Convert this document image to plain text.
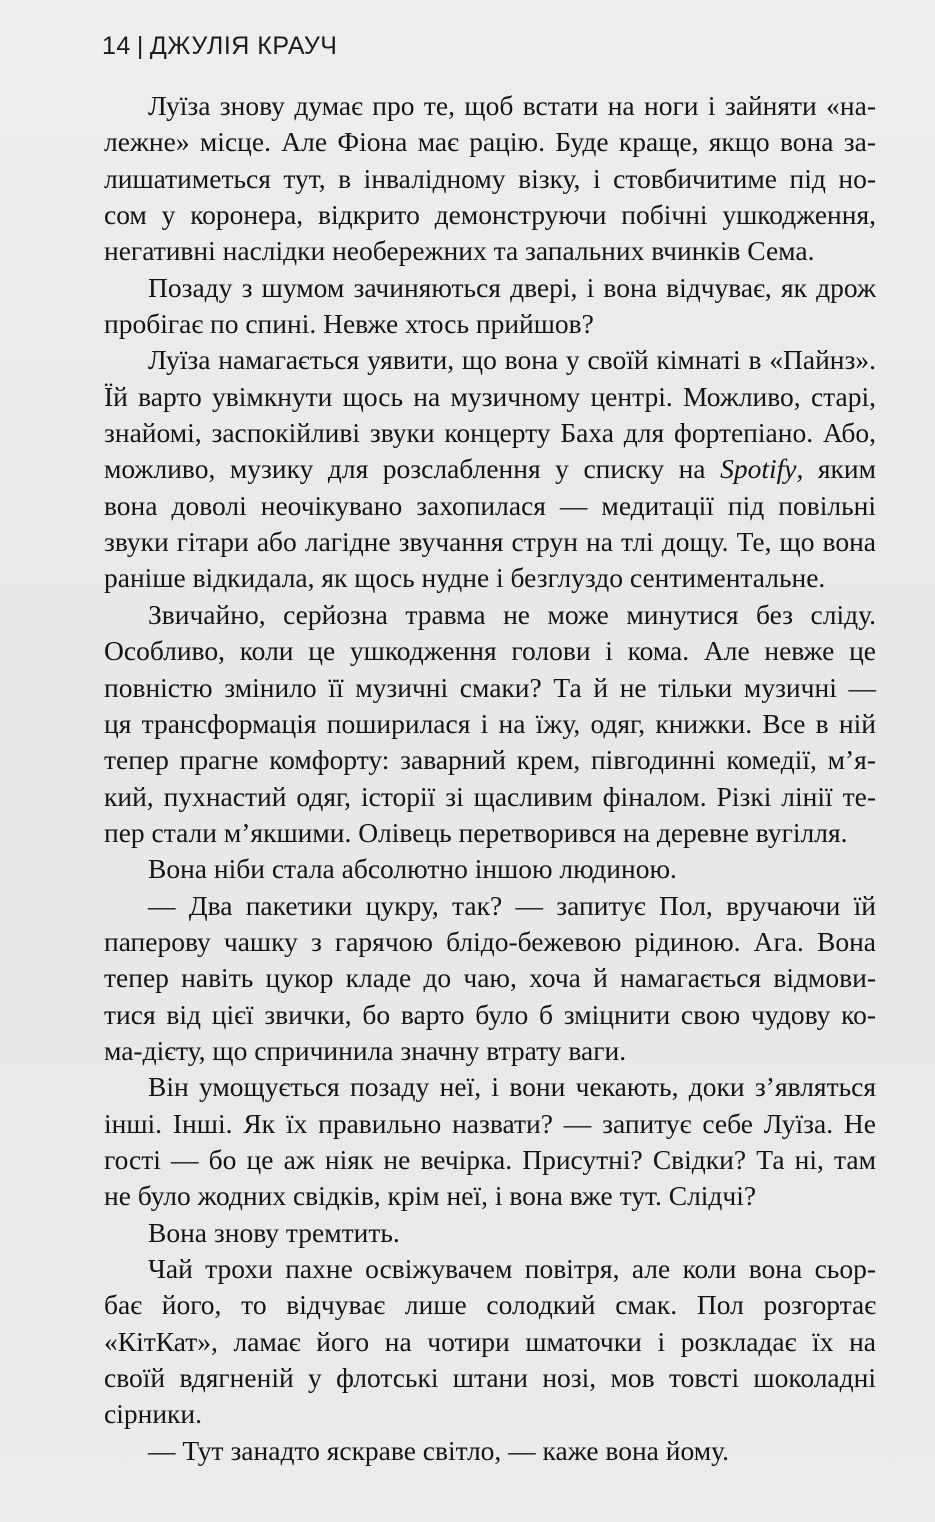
14 | ДЖУЛІЯ КРАУЧ
Луїза знову думає про те, щоб встати на ноги і зайняти «на-
лежне» місце. Але Фіона має рацію. Буде краще, якщо вона за-
лишатиметься тут, в інвалідному візку, і стовбичитиме під но-
сом у коронера, відкрито демонструючи побічні ушкодження,
негативні наслідки необережних та запальних вчинків Сема.
Позаду з шумом зачиняються двері, і вона відчуває, як дрож
пробігає по спині. Невже хтось прийшов?
Луїза намагається уявити, що вона у своїй кімнаті в «Пайнз».
Їй варто увімкнути щось на музичному центрі. Можливо, старі,
знайомі, заспокійливі звуки концерту Баха для фортепіано. Або,
можливо, музику для розслаблення у списку на Spotify, яким
вона доволі неочікувано захопилася — медитації під повільні
звуки гітари або лагідне звучання струн на тлі дощу. Те, що вона
раніше відкидала, як щось нудне і безглуздо сентиментальне.
Звичайно, серйозна травма не може минутися без сліду.
Особливо, коли це ушкодження голови і кома. Але невже це
повністю змінило її музичні смаки? Та й не тільки музичні —
ця трансформація поширилася і на їжу, одяг, книжки. Все в ній
тепер прагне комфорту: заварний крем, півгодинні комедії, м’я-
кий, пухнастий одяг, історії зі щасливим фіналом. Різкі лінії те-
пер стали м’якшими. Олівець перетворився на деревне вугілля.
Вона ніби стала абсолютно іншою людиною.
— Два пакетики цукру, так? — запитує Пол, вручаючи їй
паперову чашку з гарячою блідо-бежевою рідиною. Ага. Вона
тепер навіть цукор кладе до чаю, хоча й намагається відмови-
тися від цієї звички, бо варто було б зміцнити свою чудову ко-
ма-дієту, що спричинила значну втрату ваги.
Він умощується позаду неї, і вони чекають, доки з’являться
інші. Інші. Як їх правильно назвати? — запитує себе Луїза. Не
гості — бо це аж ніяк не вечірка. Присутні? Свідки? Та ні, там
не було жодних свідків, крім неї, і вона вже тут. Слідчі?
Вона знову тремтить.
Чай трохи пахне освіжувачем повітря, але коли вона сьор-
бає його, то відчуває лише солодкий смак. Пол розгортає
«КітКат», ламає його на чотири шматочки і розкладає їх на
своїй вдягненій у флотські штани нозі, мов товсті шоколадні
сірники.
— Тут занадто яскраве світло, — каже вона йому.
